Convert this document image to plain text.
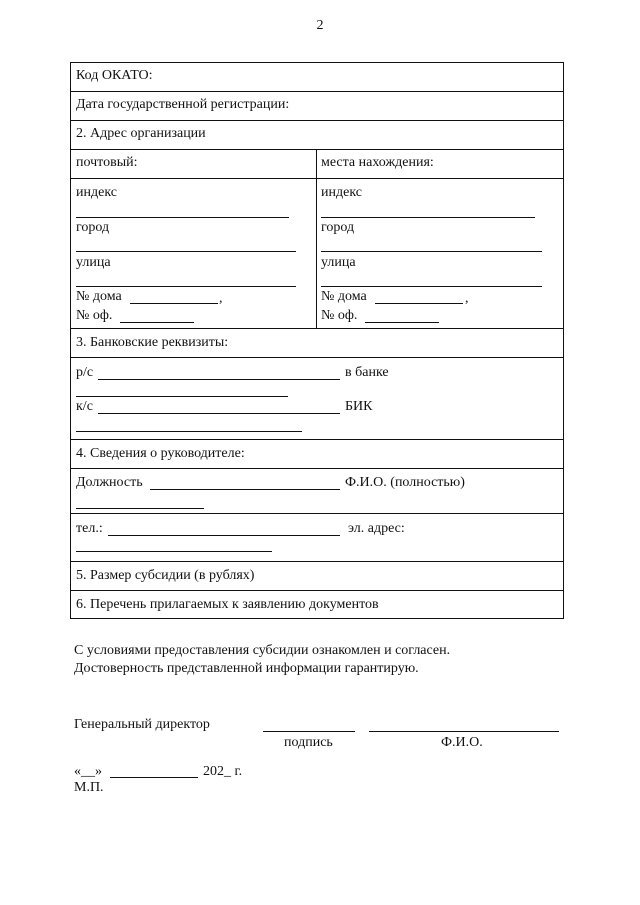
2
Код ОКАТО:
Дата государственной регистрации:
2. Адрес организации
почтовый:
индекс
город
улица
№ дома	,
№ оф.
места нахождения:
индекс
город
улица
№ дома	,
№ оф.
3. Банковские реквизиты:
р/с	в банке
к/с	БИК
4. Сведения о руководителе:
Должность	Ф.И.О. (полностью)
тел.:	эл. адрес:
5. Размер субсидии (в рублях)
6. Перечень прилагаемых к заявлению документов
С условиями предоставления субсидии ознакомлен и согласен.
Достоверность представленной информации гарантирую.
Генеральный директор
подпись	Ф.И.О.
«__»	202_ г.
М.П.
